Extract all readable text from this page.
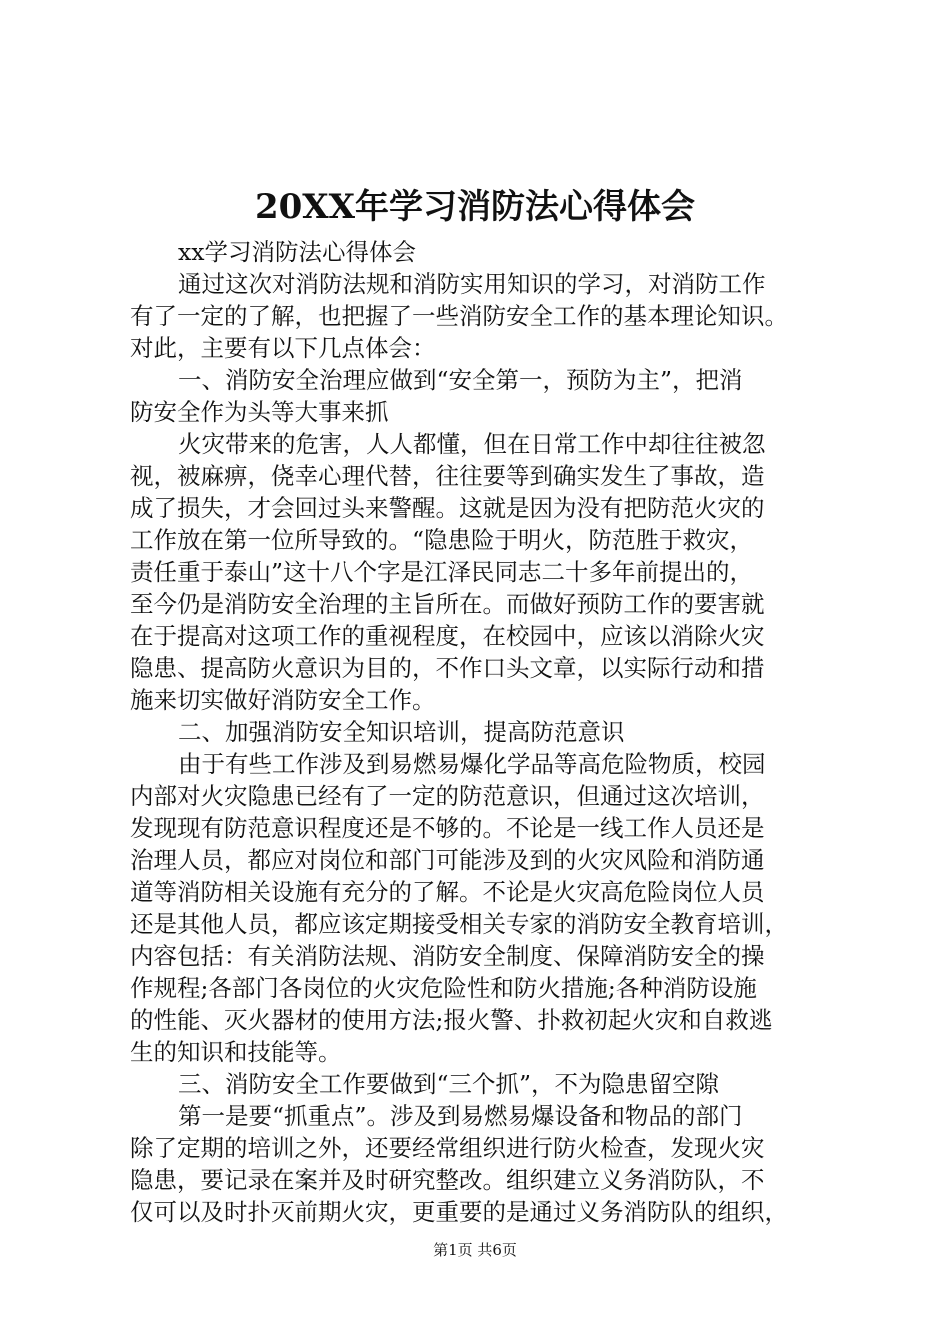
20XX年学习消防法心得体会
xx学习消防法心得体会
通过这次对消防法规和消防实用知识的学习，对消防工作
有了一定的了解，也把握了一些消防安全工作的基本理论知识。
对此，主要有以下几点体会：
一、消防安全治理应做到“安全第一，预防为主”，把消
防安全作为头等大事来抓
火灾带来的危害，人人都懂，但在日常工作中却往往被忽
视，被麻痹，侥幸心理代替，往往要等到确实发生了事故，造
成了损失，才会回过头来警醒。这就是因为没有把防范火灾的
工作放在第一位所导致的。“隐患险于明火，防范胜于救灾，
责任重于泰山”这十八个字是江泽民同志二十多年前提出的，
至今仍是消防安全治理的主旨所在。而做好预防工作的要害就
在于提高对这项工作的重视程度，在校园中，应该以消除火灾
隐患、提高防火意识为目的，不作口头文章，以实际行动和措
施来切实做好消防安全工作。
二、加强消防安全知识培训，提高防范意识
由于有些工作涉及到易燃易爆化学品等高危险物质，校园
内部对火灾隐患已经有了一定的防范意识，但通过这次培训，
发现现有防范意识程度还是不够的。不论是一线工作人员还是
治理人员，都应对岗位和部门可能涉及到的火灾风险和消防通
道等消防相关设施有充分的了解。不论是火灾高危险岗位人员
还是其他人员，都应该定期接受相关专家的消防安全教育培训，
内容包括：有关消防法规、消防安全制度、保障消防安全的操
作规程;各部门各岗位的火灾危险性和防火措施;各种消防设施
的性能、灭火器材的使用方法;报火警、扑救初起火灾和自救逃
生的知识和技能等。
三、消防安全工作要做到“三个抓”，不为隐患留空隙
第一是要“抓重点”。涉及到易燃易爆设备和物品的部门
除了定期的培训之外，还要经常组织进行防火检查，发现火灾
隐患，要记录在案并及时研究整改。组织建立义务消防队，不
仅可以及时扑灭前期火灾，更重要的是通过义务消防队的组织，
第1页 共6页
